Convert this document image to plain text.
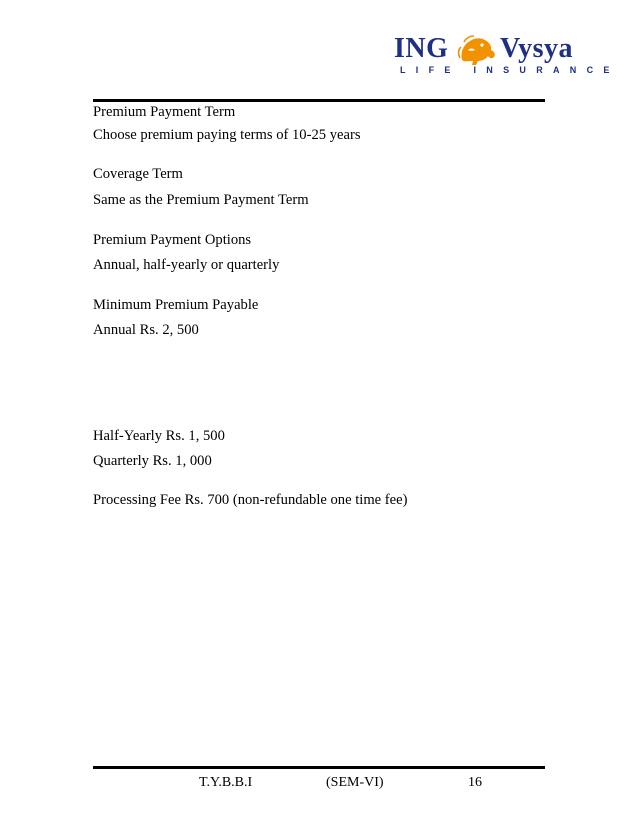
ING Vysya
LIFE INSURANCE
Premium Payment Term
Choose premium paying terms of 10-25 years
Coverage Term
Same as the Premium Payment Term
Premium Payment Options
Annual, half-yearly or quarterly
Minimum Premium Payable
Annual Rs. 2, 500
Half-Yearly Rs. 1, 500
Quarterly Rs. 1, 000
Processing Fee Rs. 700 (non-refundable one time fee)
T.Y.B.B.I	(SEM-VI)	16
